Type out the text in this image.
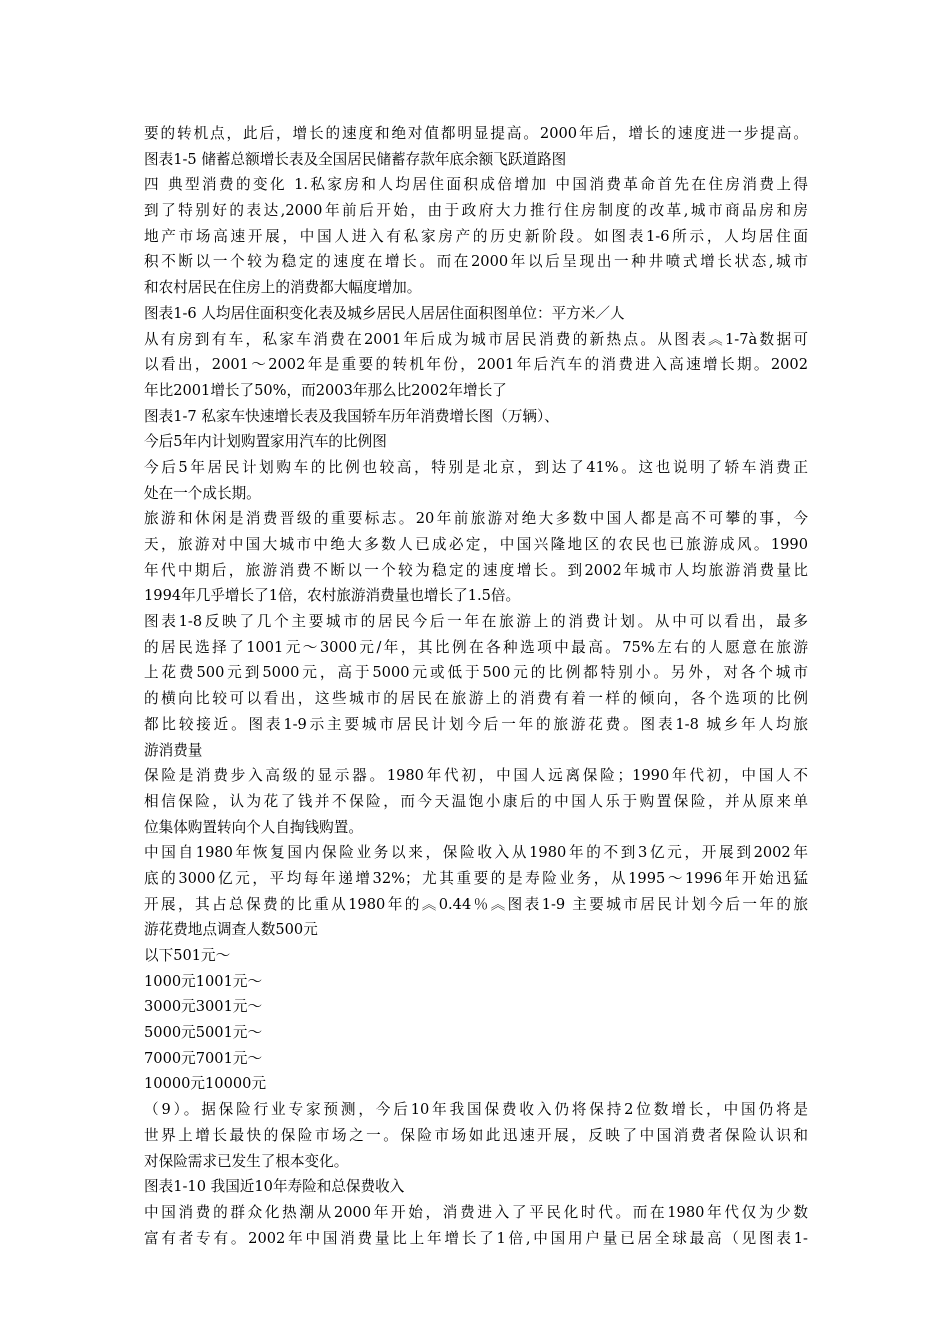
要的转机点，此后，增长的速度和绝对值都明显提高。2000年后，增长的速度进一步提高。
图表1-5 储蓄总额增长表及全国居民储蓄存款年底余额飞跃道路图
四 典型消费的变化 1.私家房和人均居住面积成倍增加 中国消费革命首先在住房消费上得
到了特别好的表达,2000年前后开始，由于政府大力推行住房制度的改革,城市商品房和房
地产市场高速开展，中国人进入有私家房产的历史新阶段。如图表1-6所示，人均居住面
积不断以一个较为稳定的速度在增长。而在2000年以后呈现出一种井喷式增长状态,城市
和农村居民在住房上的消费都大幅度增加。
图表1-6 人均居住面积变化表及城乡居民人居居住面积图单位：平方米／人
从有房到有车，私家车消费在2001年后成为城市居民消费的新热点。从图表︽1-7à数据可
以看出，2001～2002年是重要的转机年份，2001年后汽车的消费进入高速增长期。2002
年比2001增长了50%，而2003年那么比2002年增长了
图表1-7 私家车快速增长表及我国轿车历年消费增长图（万辆）、
今后5年内计划购置家用汽车的比例图
今后5年居民计划购车的比例也较高，特别是北京，到达了41%。这也说明了轿车消费正
处在一个成长期。
旅游和休闲是消费晋级的重要标志。20年前旅游对绝大多数中国人都是高不可攀的事，今
天，旅游对中国大城市中绝大多数人已成必定，中国兴隆地区的农民也已旅游成风。1990
年代中期后，旅游消费不断以一个较为稳定的速度增长。到2002年城市人均旅游消费量比
1994年几乎增长了1倍，农村旅游消费量也增长了1.5倍。
图表1-8反映了几个主要城市的居民今后一年在旅游上的消费计划。从中可以看出，最多
的居民选择了1001元～3000元/年，其比例在各种选项中最高。75%左右的人愿意在旅游
上花费500元到5000元，高于5000元或低于500元的比例都特别小。另外，对各个城市
的横向比较可以看出，这些城市的居民在旅游上的消费有着一样的倾向，各个选项的比例
都比较接近。图表1-9示主要城市居民计划今后一年的旅游花费。图表1-8 城乡年人均旅
游消费量
保险是消费步入高级的显示器。1980年代初，中国人远离保险；1990年代初，中国人不
相信保险，认为花了钱并不保险，而今天温饱小康后的中国人乐于购置保险，并从原来单
位集体购置转向个人自掏钱购置。
中国自1980年恢复国内保险业务以来，保险收入从1980年的不到3亿元，开展到2002年
底的3000亿元，平均每年递增32%；尤其重要的是寿险业务，从1995～1996年开始迅猛
开展，其占总保费的比重从1980年的︽0.44％︽图表1-9 主要城市居民计划今后一年的旅
游花费地点调查人数500元
以下501元～
1000元1001元～
3000元3001元～
5000元5001元～
7000元7001元～
10000元10000元
（9）。据保险行业专家预测，今后10年我国保费收入仍将保持2位数增长，中国仍将是
世界上增长最快的保险市场之一。保险市场如此迅速开展，反映了中国消费者保险认识和
对保险需求已发生了根本变化。
图表1-10 我国近10年寿险和总保费收入
中国消费的群众化热潮从2000年开始，消费进入了平民化时代。而在1980年代仅为少数
富有者专有。2002年中国消费量比上年增长了1倍,中国用户量已居全球最高（见图表1-
